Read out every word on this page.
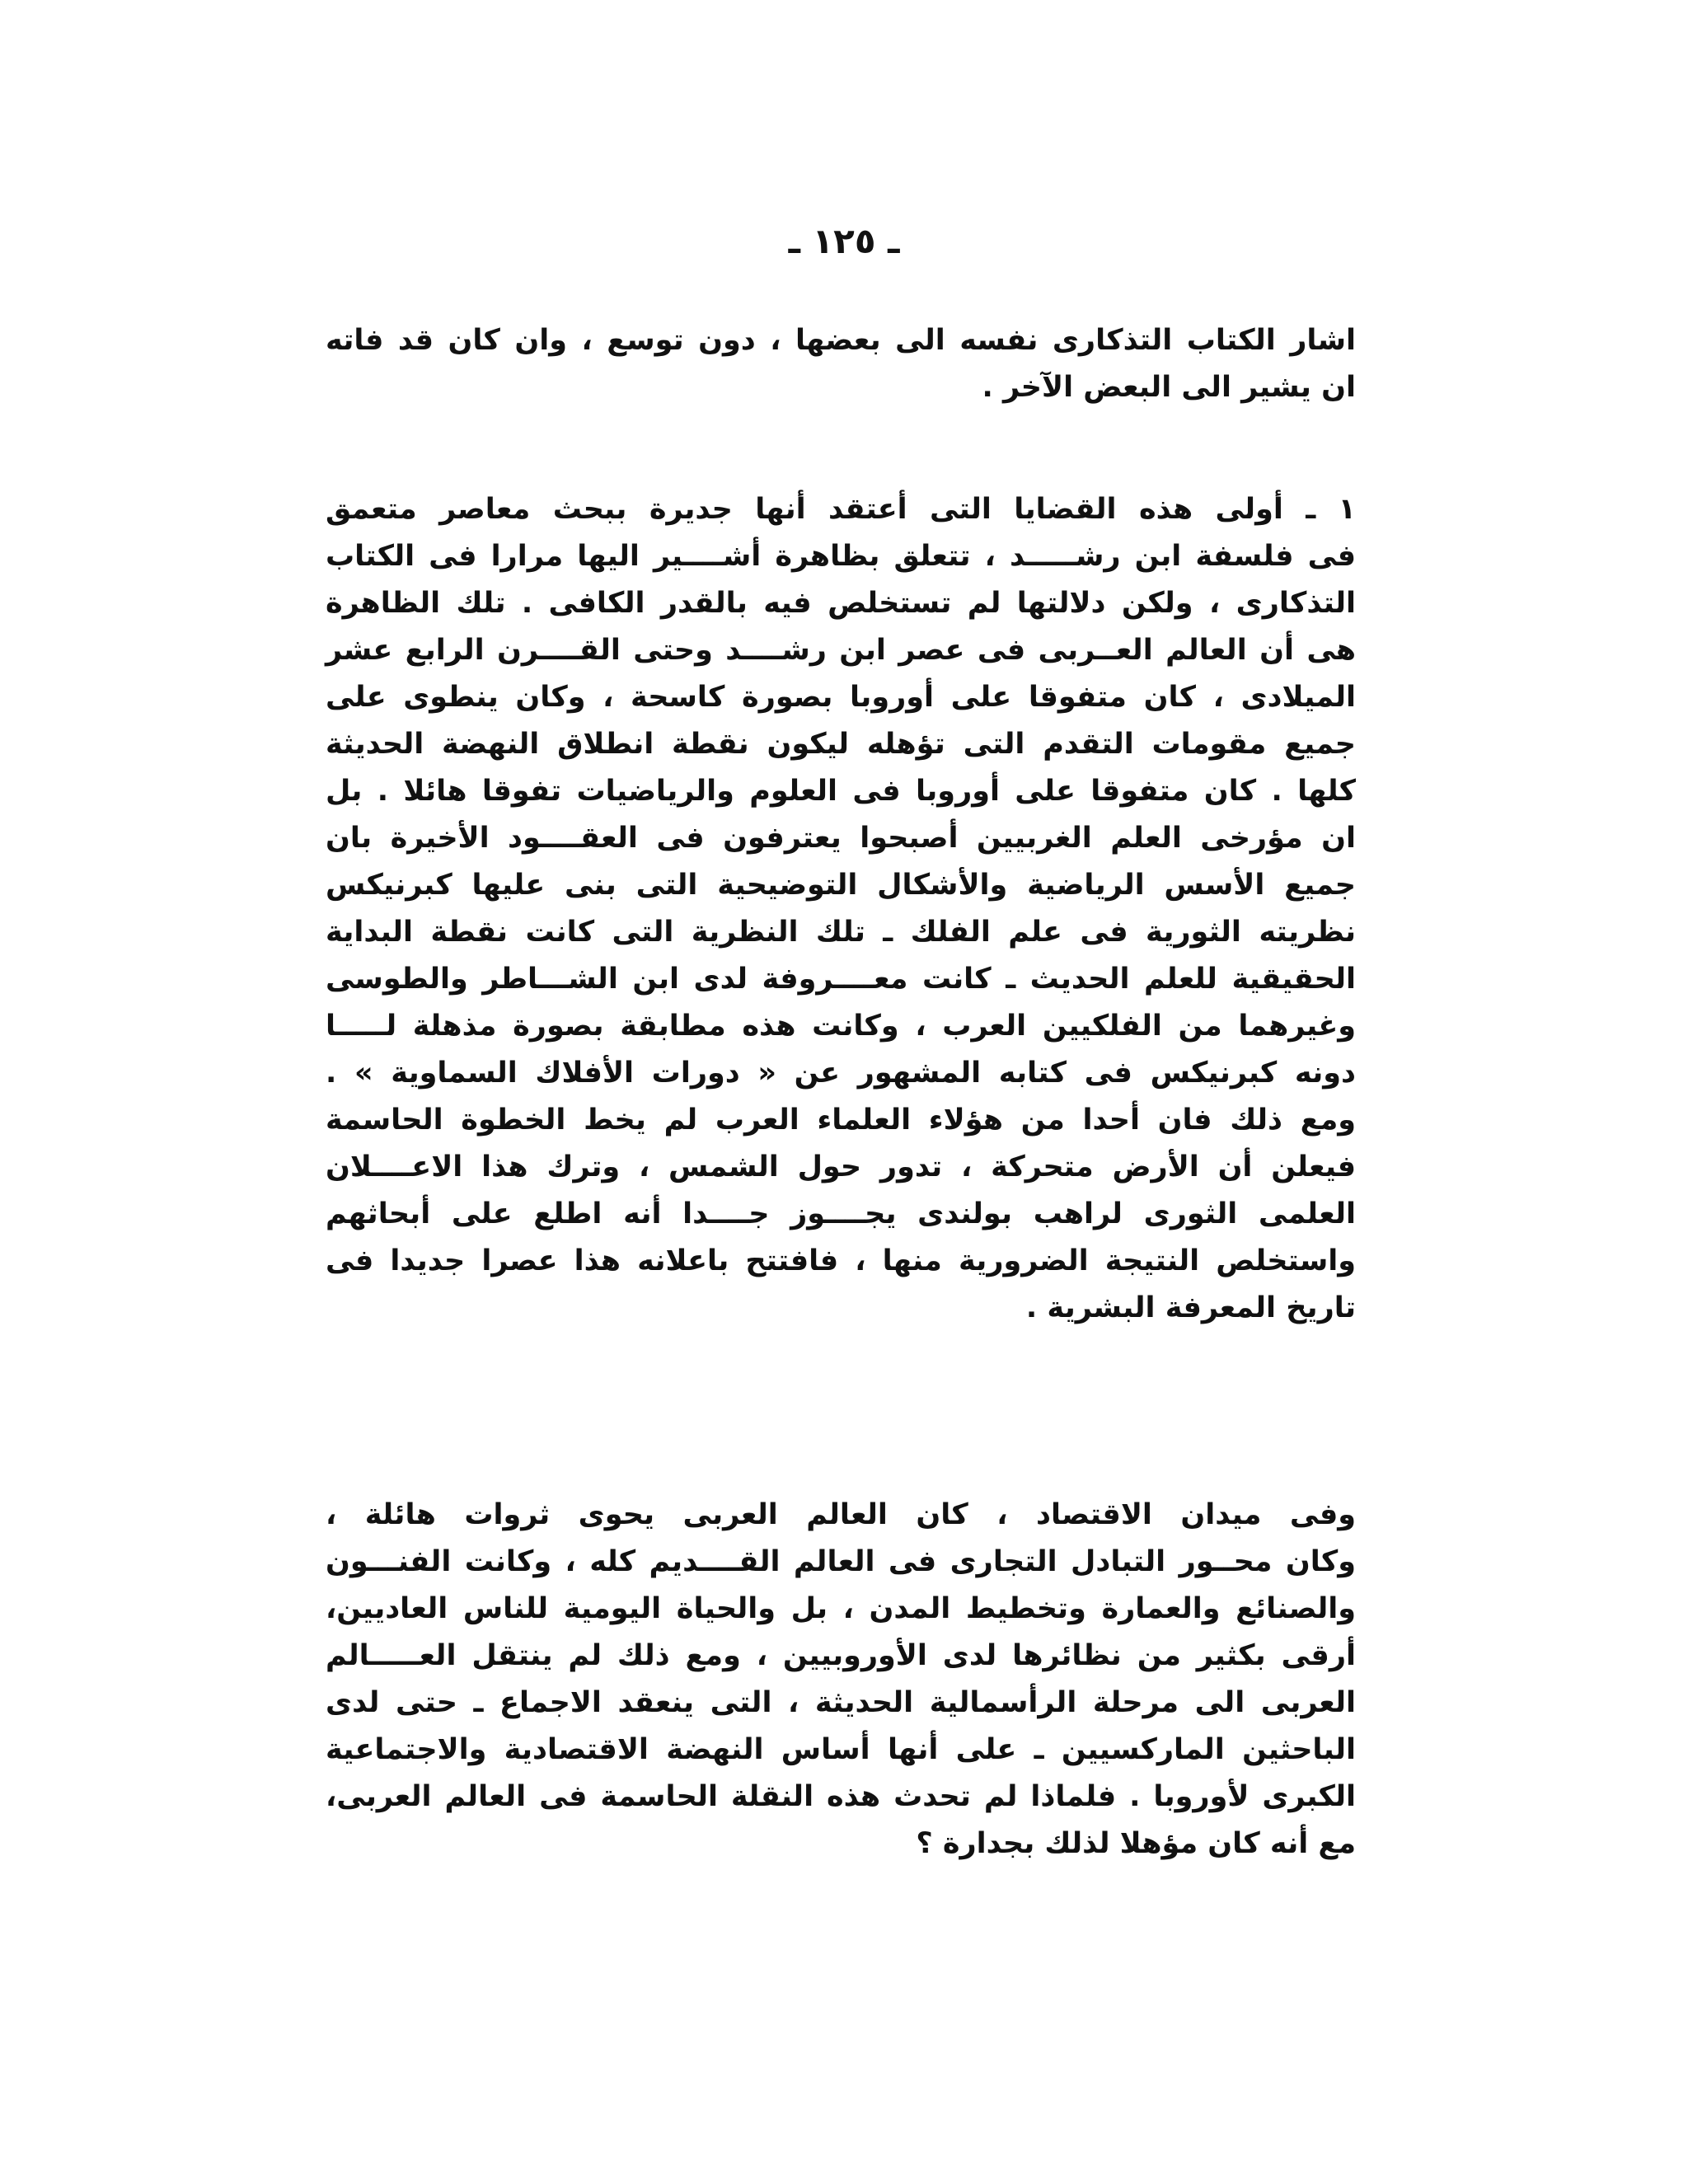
ـ ١٢٥ ـ
اشار الكتاب التذكارى نفسه الى بعضها ، دون توسع ، وان كان قد فاته
ان يشير الى البعض الآخر .
١ ـ أولى هذه القضايا التى أعتقد أنها جديرة ببحث معاصر متعمق
فى فلسفة ابن رشـــــد ، تتعلق بظاهرة أشــــير اليها مرارا فى الكتاب
التذكارى ، ولكن دلالتها لم تستخلص فيه بالقدر الكافى . تلك الظاهرة
هى أن العالم العــربى فى عصر ابن رشــــد وحتى القــــرن الرابع عشر
الميلادى ، كان متفوقا على أوروبا بصورة كاسحة ، وكان ينطوى على
جميع مقومات التقدم التى تؤهله ليكون نقطة انطلاق النهضة الحديثة
كلها . كان متفوقا على أوروبا فى العلوم والرياضيات تفوقا هائلا . بل
ان مؤرخى العلم الغربيين أصبحوا يعترفون فى العقــــود الأخيرة بان
جميع الأسس الرياضية والأشكال التوضيحية التى بنى عليها كبرنيكس
نظريته الثورية فى علم الفلك ـ تلك النظرية التى كانت نقطة البداية
الحقيقية للعلم الحديث ـ كانت معــــروفة لدى ابن الشـــاطر والطوسى
وغيرهما من الفلكيين العرب ، وكانت هذه مطابقة بصورة مذهلة لـــــا
دونه كبرنيكس فى كتابه المشهور عن « دورات الأفلاك السماوية » .
ومع ذلك فان أحدا من هؤلاء العلماء العرب لم يخط الخطوة الحاسمة
فيعلن أن الأرض متحركة ، تدور حول الشمس ، وترك هذا الاعــــلان
العلمى الثورى لراهب بولندى يجــــوز جــــدا أنه اطلع على أبحاثهم
واستخلص النتيجة الضرورية منها ، فافتتح باعلانه هذا عصرا جديدا فى
تاريخ المعرفة البشرية .
وفى ميدان الاقتصاد ، كان العالم العربى يحوى ثروات هائلة ،
وكان محــور التبادل التجارى فى العالم القــــديم كله ، وكانت الفنـــون
والصنائع والعمارة وتخطيط المدن ، بل والحياة اليومية للناس العاديين،
أرقى بكثير من نظائرها لدى الأوروبيين ، ومع ذلك لم ينتقل العـــــالم
العربى الى مرحلة الرأسمالية الحديثة ، التى ينعقد الاجماع ـ حتى لدى
الباحثين الماركسيين ـ على أنها أساس النهضة الاقتصادية والاجتماعية
الكبرى لأوروبا . فلماذا لم تحدث هذه النقلة الحاسمة فى العالم العربى،
مع أنه كان مؤهلا لذلك بجدارة ؟
